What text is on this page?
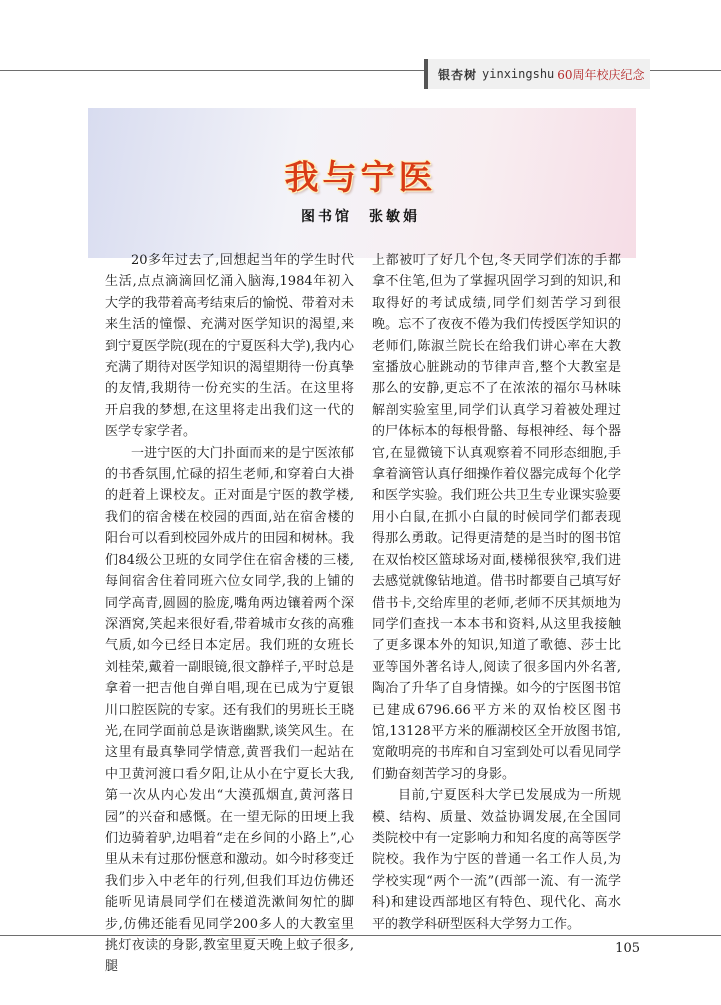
银杏树 yinxingshu 60周年校庆纪念
我与宁医
图书馆　张敏娟

20多年过去了,回想起当年的学生时代生活,点点滴滴回忆涌入脑海,1984年初入大学的我带着高考结束后的愉悦、带着对未来生活的憧憬、充满对医学知识的渴望,来到宁夏医学院(现在的宁夏医科大学),我内心充满了期待对医学知识的渴望期待一份真挚的友情,我期待一份充实的生活。在这里将开启我的梦想,在这里将走出我们这一代的医学专家学者。

一进宁医的大门扑面而来的是宁医浓郁的书香氛围,忙碌的招生老师,和穿着白大褂的赶着上课校友。正对面是宁医的教学楼,我们的宿舍楼在校园的西面,站在宿舍楼的阳台可以看到校园外成片的田园和树林。我们84级公卫班的女同学住在宿舍楼的三楼,每间宿舍住着同班六位女同学,我的上铺的同学高青,圆圆的脸庞,嘴角两边镶着两个深深酒窝,笑起来很好看,带着城市女孩的高雅气质,如今已经日本定居。我们班的女班长刘桂荣,戴着一副眼镜,很文静样子,平时总是拿着一把吉他自弹自唱,现在已成为宁夏银川口腔医院的专家。还有我们的男班长王晓光,在同学面前总是诙谐幽默,谈笑风生。在这里有最真挚同学情意,黄晋我们一起站在中卫黄河渡口看夕阳,让从小在宁夏长大我,第一次从内心发出“大漠孤烟直,黄河落日园”的兴奋和感慨。在一望无际的田埂上我们边骑着驴,边唱着“走在乡间的小路上”,心里从未有过那份惬意和激动。如今时移变迁我们步入中老年的行列,但我们耳边仿佛还能听见请晨同学们在楼道洗漱间匆忙的脚步,仿佛还能看见同学200多人的大教室里挑灯夜读的身影,教室里夏天晚上蚊子很多,腿

上都被叮了好几个包,冬天同学们冻的手都拿不住笔,但为了掌握巩固学习到的知识,和取得好的考试成绩,同学们刻苦学习到很晚。忘不了夜夜不倦为我们传授医学知识的老师们,陈淑兰院长在给我们讲心率在大教室播放心脏跳动的节律声音,整个大教室是那么的安静,更忘不了在浓浓的福尔马林味解剖实验室里,同学们认真学习着被处理过的尸体标本的每根骨骼、每根神经、每个器官,在显微镜下认真观察着不同形态细胞,手拿着滴管认真仔细操作着仪器完成每个化学和医学实验。我们班公共卫生专业课实验要用小白鼠,在抓小白鼠的时候同学们都表现得那么勇敢。记得更清楚的是当时的图书馆在双怡校区篮球场对面,楼梯很狭窄,我们进去感觉就像钻地道。借书时都要自己填写好借书卡,交给库里的老师,老师不厌其烦地为同学们查找一本本书和资料,从这里我接触了更多课本外的知识,知道了歌德、莎士比亚等国外著名诗人,阅读了很多国内外名著,陶冶了升华了自身情操。如今的宁医图书馆已建成6796.66平方米的双怡校区图书馆,13128平方米的雁湖校区全开放图书馆,宽敞明亮的书库和自习室到处可以看见同学们勤奋刻苦学习的身影。

目前,宁夏医科大学已发展成为一所规模、结构、质量、效益协调发展,在全国同类院校中有一定影响力和知名度的高等医学院校。我作为宁医的普通一名工作人员,为学校实现“两个一流”(西部一流、有一流学科)和建设西部地区有特色、现代化、高水平的教学科研型医科大学努力工作。

105
